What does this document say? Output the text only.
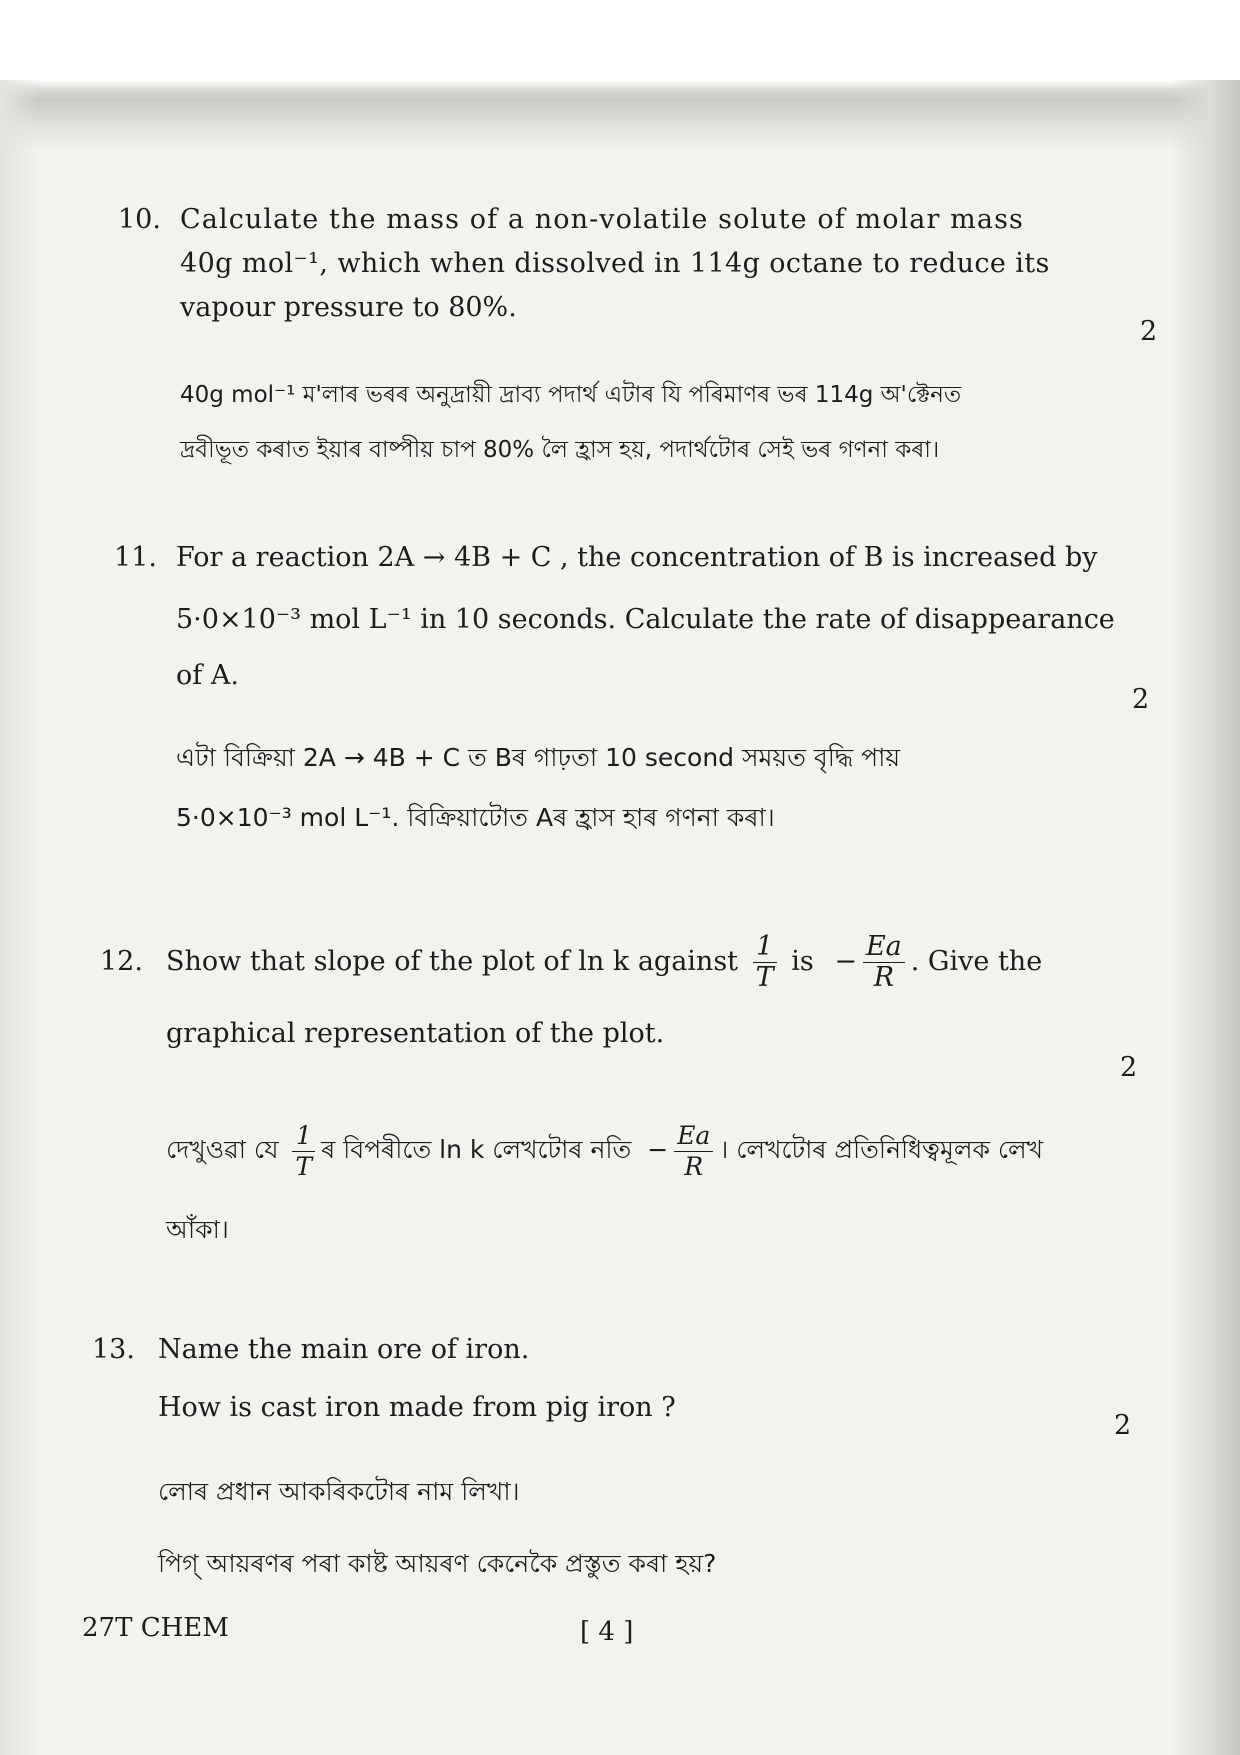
10. Calculate the mass of a non-volatile solute of molar mass
40g mol⁻¹, which when dissolved in 114g octane to reduce its
vapour pressure to 80%.
40g mol⁻¹ ম'লাৰ ভৰৰ অনুদ্ৰায়ী দ্ৰাব্য পদাৰ্থ এটাৰ যি পৰিমাণৰ ভৰ 114g অ'ক্টেনত
দ্ৰবীভূত কৰাত ইয়াৰ বাষ্পীয় চাপ 80% লৈ হ্ৰাস হয়, পদাৰ্থটোৰ সেই ভৰ গণনা কৰা।
2
11. For a reaction 2A → 4B + C , the concentration of B is increased by
5·0×10⁻³ mol L⁻¹ in 10 seconds. Calculate the rate of disappearance
of A.
এটা বিক্ৰিয়া 2A → 4B + C ত Bৰ গাঢ়তা 10 second সময়ত বৃদ্ধি পায়
5·0×10⁻³ mol L⁻¹. বিক্ৰিয়াটোত Aৰ হ্ৰাস হাৰ গণনা কৰা।
2
12. Show that slope of the plot of ln k against $\frac{1}{T}$ is − $\frac{Ea}{R}$ . Give the
graphical representation of the plot.
দেখুওৱা যে $\frac{1}{T}$ ৰ বিপৰীতে ln k লেখটোৰ নতি − $\frac{Ea}{R}$ । লেখটোৰ প্ৰতিনিধিত্বমূলক লেখ
আঁকা।
2
13. Name the main ore of iron.
How is cast iron made from pig iron ?
লোৰ প্ৰধান আকৰিকটোৰ নাম লিখা।
পিগ্ আয়ৰণৰ পৰা কাষ্ট আয়ৰণ কেনেকৈ প্ৰস্তুত কৰা হয়?
2
27T CHEM	[ 4 ]
